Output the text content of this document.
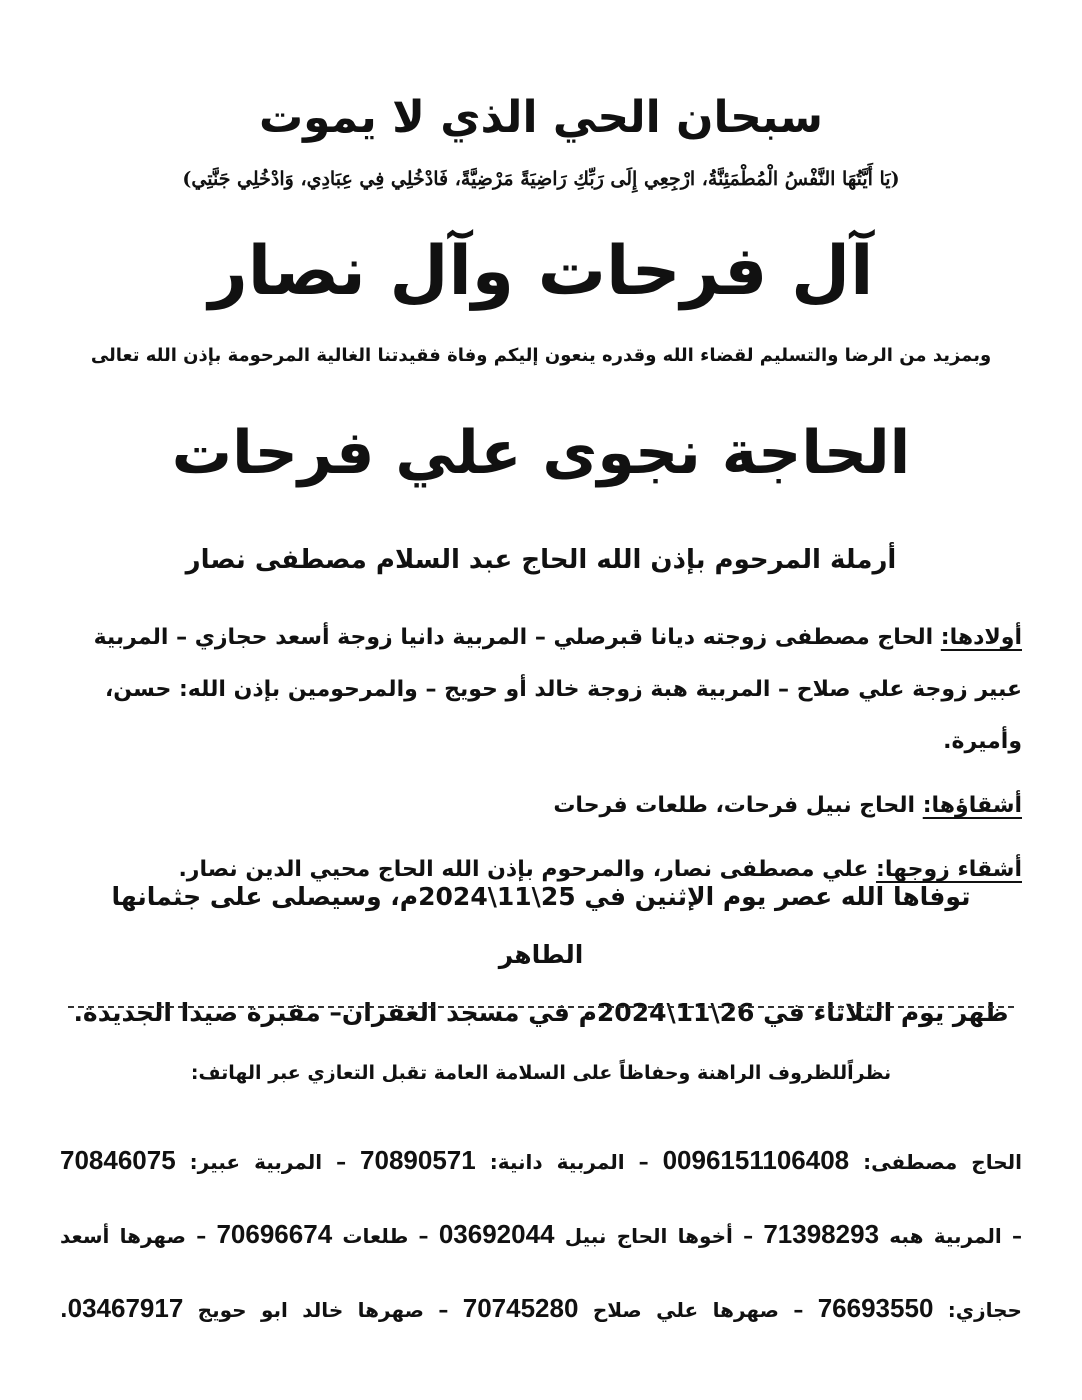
سبحان الحي الذي لا يموت
(يَا أَيَّتُهَا النَّفْسُ الْمُطْمَئِنَّةُ، ارْجِعِي إِلَى رَبِّكِ رَاضِيَةً مَرْضِيَّةً، فَادْخُلِي فِي عِبَادِي، وَادْخُلِي جَنَّتِي)
آل فرحات وآل نصار
وبمزيد من الرضا والتسليم لقضاء الله وقدره ينعون إليكم وفاة فقيدتنا الغالية المرحومة بإذن الله تعالى
الحاجة نجوى علي فرحات
أرملة المرحوم بإذن الله الحاج عبد السلام مصطفى نصار

أولادها: الحاج مصطفى زوجته ديانا قبرصلي – المربية دانيا زوجة أسعد حجازي – المربية عبير زوجة علي صلاح – المربية هبة زوجة خالد أو حويج – والمرحومين بإذن الله: حسن، وأميرة.

أشقاؤها: الحاج نبيل فرحات، طلعات فرحات

أشقاء زوجها: علي مصطفى نصار، والمرحوم بإذن الله الحاج محيي الدين نصار.

توفاها الله عصر يوم الإثنين في 25\11\2024م، وسيصلى على جثمانها الطاهر

ظهر يوم الثلاثاء في 26\11\2024م في مسجد الغفران– مقبرة صيدا الجديدة.

نظراًللظروف الراهنة وحفاظاً على السلامة العامة تقبل التعازي عبر الهاتف:

الحاج مصطفى: 0096151106408 – المربية دانية: 70890571 – المربية عبير: 70846075

– المربية هبه 71398293 – أخوها الحاج نبيل 03692044 – طلعات 70696674 – صهرها أسعد

حجازي: 76693550 – صهرها علي صلاح 70745280 – صهرها خالد ابو حويج 03467917.
